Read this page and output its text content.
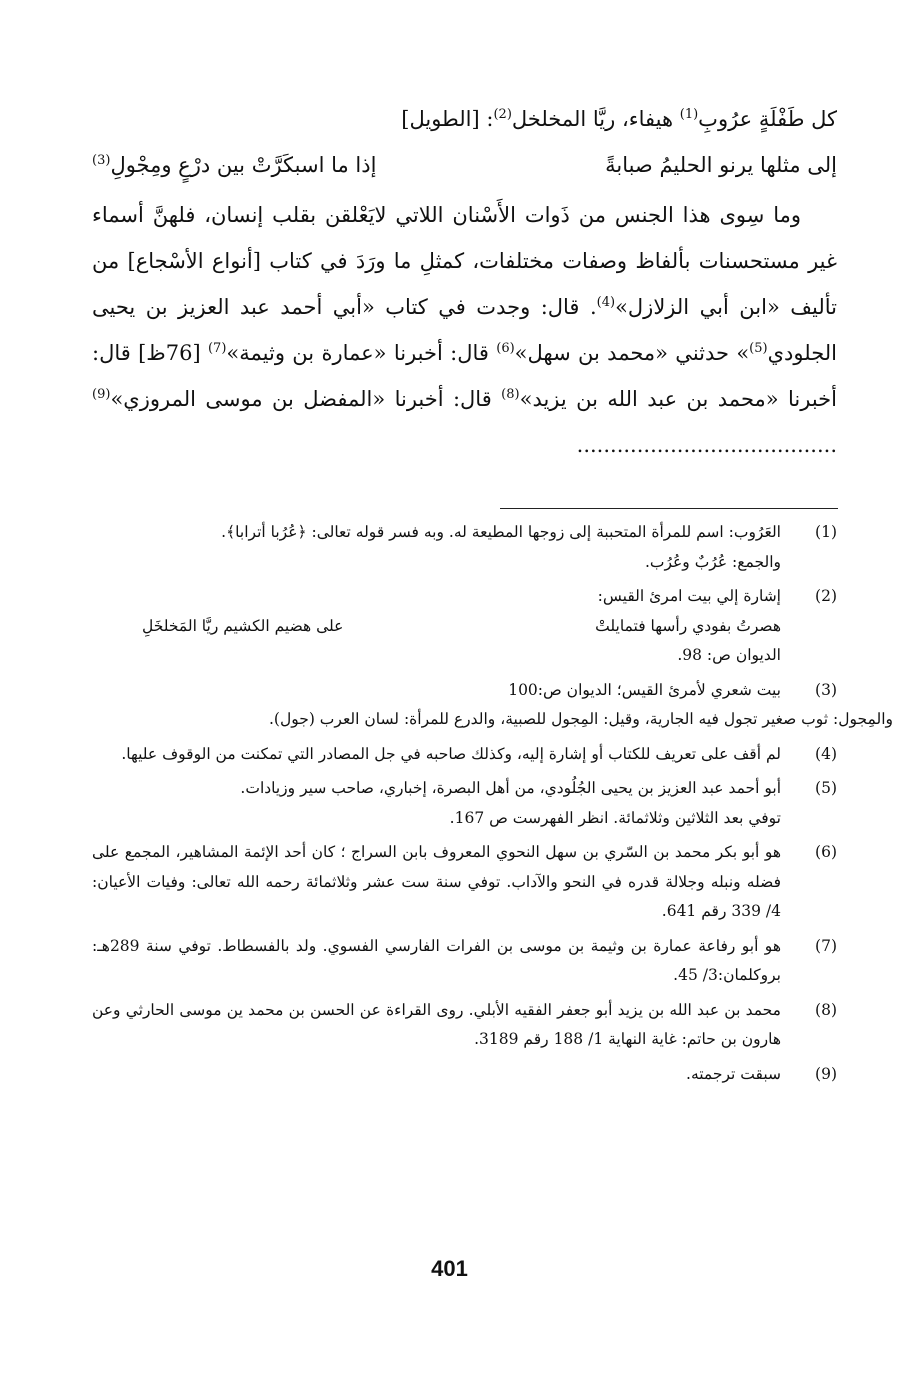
كل طَفْلَةٍ عرُوبِ$^{(1)}$ هيفاء، ريَّا المخلخل$^{(2)}$: [الطويل]

إلى مثلها يرنو الحليمُ صبابةً
إذا ما اسبكَرَّتْ بين درْعٍ ومِجْولِ$^{(3)}$

وما سِوى هذا الجنس من ذَوات الأَسْنان اللاتي لايَعْلقن بقلب إنسان، فلهنَّ أسماء غير مستحسنات بألفاظ وصفات مختلفات، كمثلِ ما ورَدَ في كتاب [أنواع الأسْجاع] من تأليف «ابن أبي الزلازل»$^{(4)}$. قال: وجدت في كتاب «أبي أحمد عبد العزيز بن يحيى الجلودي$^{(5)}$» حدثني «محمد بن سهل»$^{(6)}$ قال: أخبرنا «عمارة بن وثيمة»$^{(7)}$ [76ظ] قال: أخبرنا «محمد بن عبد الله بن يزيد»$^{(8)}$ قال: أخبرنا «المفضل بن موسى المروزي»$^{(9)}$ .......................................

(1)
العَرُوب: اسم للمرأة المتحببة إلى زوجها المطيعة له. وبه فسر قوله تعالى: ﴿عُرُبا أترابا﴾.
والجمع: عُرُبٌ وعُرُب.
(2)
إشارة إلي بيت امرئ القيس:
هصرتُ بفودي رأسها فتمايلتْ
على هضيم الكشيم ريَّا المَخلخَلِ
الديوان ص: 98.
(3)
بيت شعري لأمرئ القيس؛ الديوان ص:100
والمِجول: ثوب صغير تجول فيه الجارية، وقيل: المِجول للصبية، والدرع للمرأة: لسان العرب (جول).
(4)
لم أقف على تعريف للكتاب أو إشارة إليه، وكذلك صاحبه في جل المصادر التي تمكنت من الوقوف عليها.
(5)
أبو أحمد عبد العزيز بن يحيى الجُلُودي، من أهل البصرة، إخباري، صاحب سير وزيادات.
توفي بعد الثلاثين وثلاثمائة. انظر الفهرست ص 167.
(6)
هو أبو بكر محمد بن السّري بن سهل النحوي المعروف بابن السراج ؛ كان أحد الإئمة المشاهير، المجمع على فضله ونبله وجلالة قدره في النحو والآداب. توفي سنة ست عشر وثلاثمائة رحمه الله تعالى: وفيات الأعيان: 4/ 339 رقم 641.
(7)
هو أبو رفاعة عمارة بن وثيمة بن موسى بن الفرات الفارسي الفسوي. ولد بالفسطاط. توفي سنة 289هـ: بروكلمان:3/ 45.
(8)
محمد بن عبد الله بن يزيد أبو جعفر الفقيه الأبلي. روى القراءة عن الحسن بن محمد ين موسى الحارثي وعن هارون بن حاتم: غاية النهاية 1/ 188 رقم 3189.
(9)
سبقت ترجمته.
401
